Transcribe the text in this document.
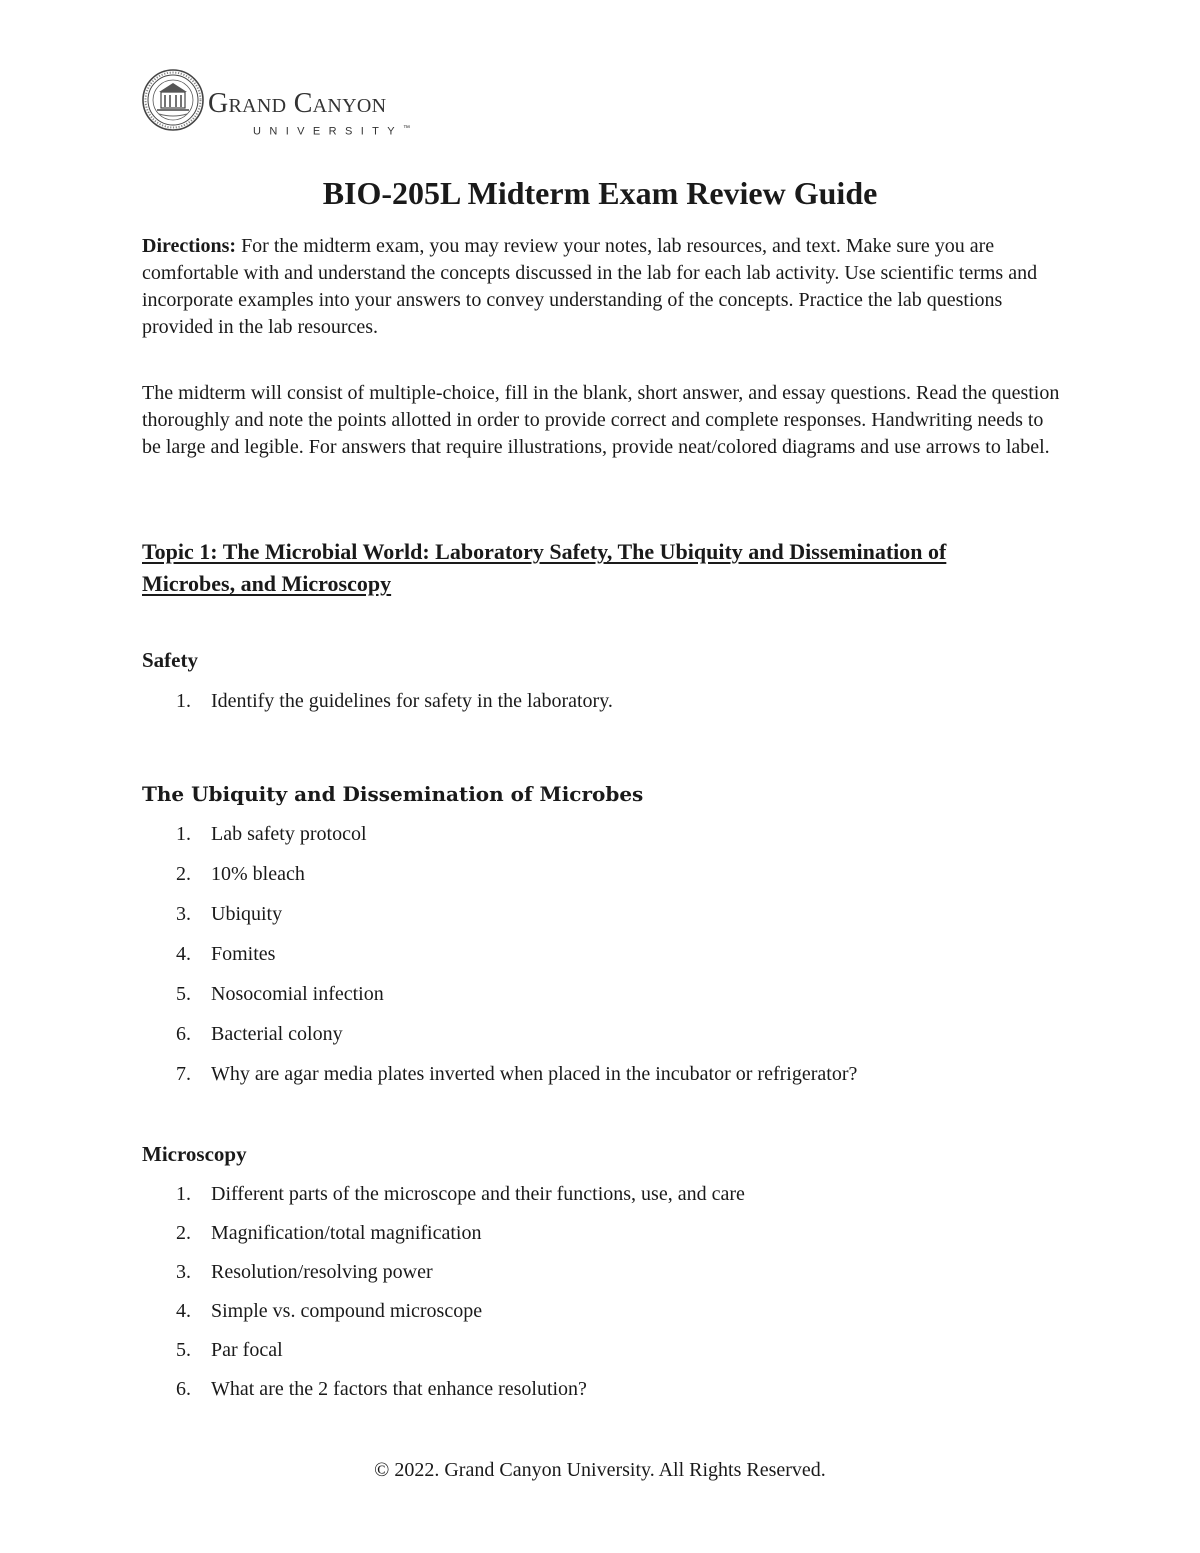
Grand Canyon
UNIVERSITY™
BIO-205L Midterm Exam Review Guide

Directions: For the midterm exam, you may review your notes, lab resources, and text. Make sure you are comfortable with and understand the concepts discussed in the lab for each lab activity. Use scientific terms and incorporate examples into your answers to convey understanding of the concepts. Practice the lab questions provided in the lab resources.

The midterm will consist of multiple-choice, fill in the blank, short answer, and essay questions. Read the question thoroughly and note the points allotted in order to provide correct and complete responses. Handwriting needs to be large and legible. For answers that require illustrations, provide neat/colored diagrams and use arrows to label.

Topic 1: The Microbial World: Laboratory Safety, The Ubiquity and Dissemination of Microbes, and Microscopy
Safety
1. Identify the guidelines for safety in the laboratory.
The Ubiquity and Dissemination of Microbes
1. Lab safety protocol
2. 10% bleach
3. Ubiquity
4. Fomites
5. Nosocomial infection
6. Bacterial colony
7. Why are agar media plates inverted when placed in the incubator or refrigerator?
Microscopy
1. Different parts of the microscope and their functions, use, and care
2. Magnification/total magnification
3. Resolution/resolving power
4. Simple vs. compound microscope
5. Par focal
6. What are the 2 factors that enhance resolution?

© 2022. Grand Canyon University. All Rights Reserved.
